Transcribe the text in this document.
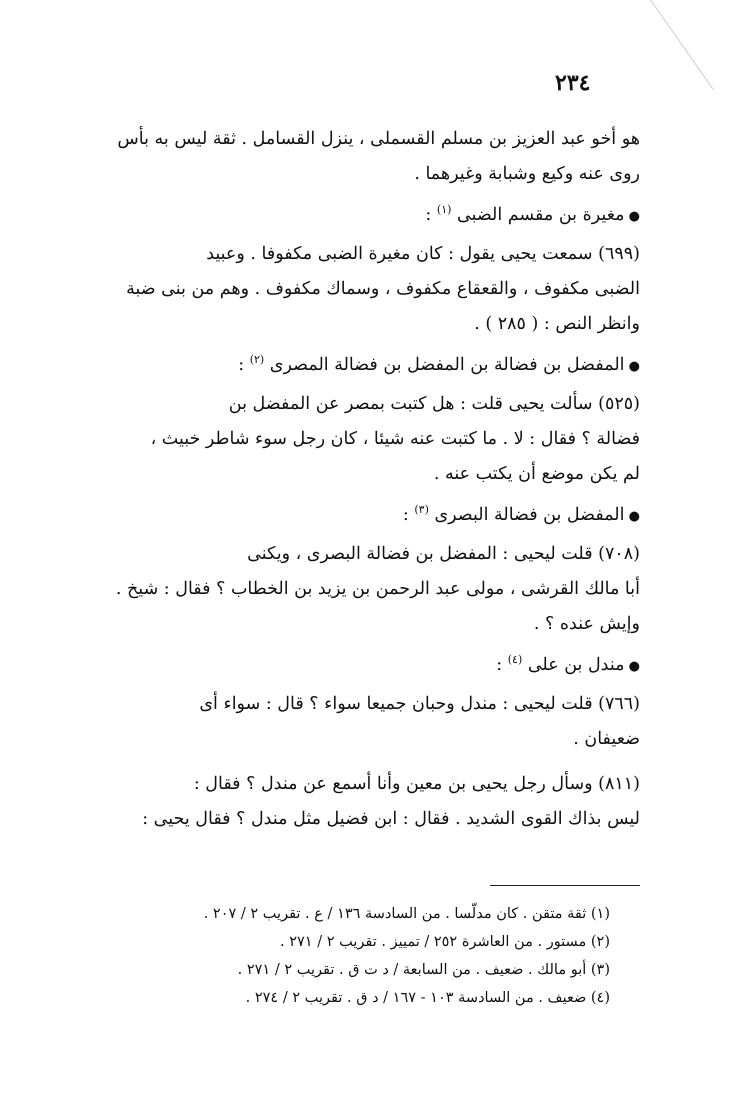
٢٣٤
هو أخو عبد العزيز بن مسلم القسملى ، ينزل القسامل . ثقة ليس به بأس
روى عنه وكيع وشبابة وغيرهما .
● مغيرة بن مقسم الضبى $^{(١)}$ :
(٦٩٩) سمعت يحيى يقول : كان مغيرة الضبى مكفوفا . وعبيد
الضبى مكفوف ، والقعقاع مكفوف ، وسماك مكفوف . وهم من بنى ضبة
وانظر النص : ( ٢٨٥ ) .
● المفضل بن فضالة بن المفضل بن فضالة المصرى $^{(٢)}$ :
(٥٢٥) سألت يحيى قلت : هل كتبت بمصر عن المفضل بن
فضالة ؟ فقال : لا . ما كتبت عنه شيئا ، كان رجل سوء شاطر خبيث ،
لم يكن موضع أن يكتب عنه .
● المفضل بن فضالة البصرى $^{(٣)}$ :
(٧٠٨) قلت ليحيى : المفضل بن فضالة البصرى ، ويكنى
أبا مالك القرشى ، مولى عبد الرحمن بن يزيد بن الخطاب ؟ فقال : شيخ .
وإيش عنده ؟ .
● مندل بن على $^{(٤)}$ :
(٧٦٦) قلت ليحيى : مندل وحبان جميعا سواء ؟ قال : سواء أى
ضعيفان .
(٨١١) وسأل رجل يحيى بن معين وأنا أسمع عن مندل ؟ فقال :
ليس بذاك القوى الشديد . فقال : ابن فضيل مثل مندل ؟ فقال يحيى :
(١) ثقة متقن . كان مدلّسا . من السادسة ١٣٦ / ع . تقريب ٢ / ٢٠٧ .
(٢) مستور . من العاشرة ٢٥٢ / تمييز . تقريب ٢ / ٢٧١ .
(٣) أبو مالك . ضعيف . من السابعة / د ت ق . تقريب ٢ / ٢٧١ .
(٤) ضعيف . من السادسة ١٠٣ - ١٦٧ / د ق . تقريب ٢ / ٢٧٤ .
